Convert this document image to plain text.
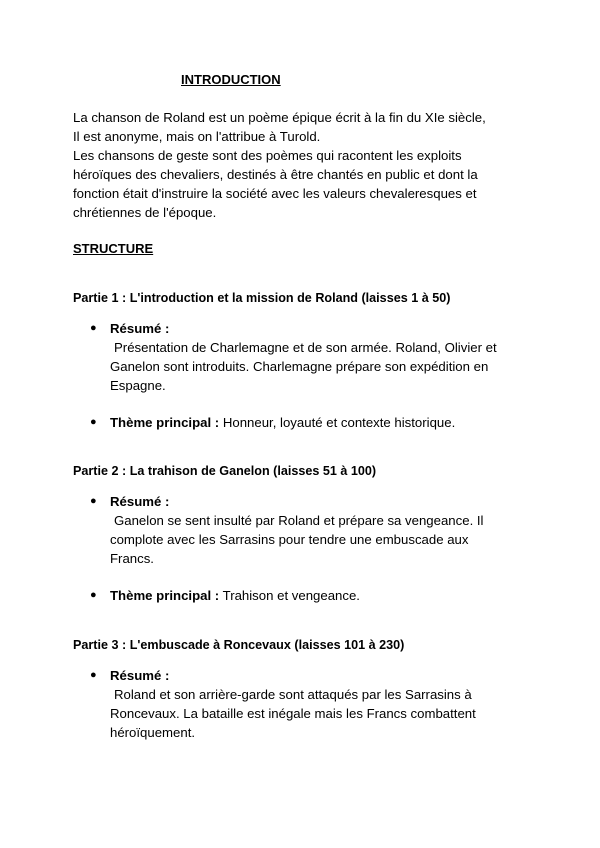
INTRODUCTION
La chanson de Roland est un poème épique écrit à la fin du XIe siècle,
Il est anonyme, mais on l'attribue à Turold.
Les chansons de geste sont des poèmes qui racontent les exploits
héroïques des chevaliers, destinés à être chantés en public et dont la
fonction était d'instruire la société avec les valeurs chevaleresques et
chrétiennes de l'époque.
STRUCTURE
Partie 1 : L'introduction et la mission de Roland (laisses 1 à 50)
● Résumé :
Présentation de Charlemagne et de son armée. Roland, Olivier et
Ganelon sont introduits. Charlemagne prépare son expédition en
Espagne.
● Thème principal : Honneur, loyauté et contexte historique.
Partie 2 : La trahison de Ganelon (laisses 51 à 100)
● Résumé :
Ganelon se sent insulté par Roland et prépare sa vengeance. Il
complote avec les Sarrasins pour tendre une embuscade aux
Francs.
● Thème principal : Trahison et vengeance.
Partie 3 : L'embuscade à Roncevaux (laisses 101 à 230)
● Résumé :
Roland et son arrière-garde sont attaqués par les Sarrasins à
Roncevaux. La bataille est inégale mais les Francs combattent
héroïquement.
